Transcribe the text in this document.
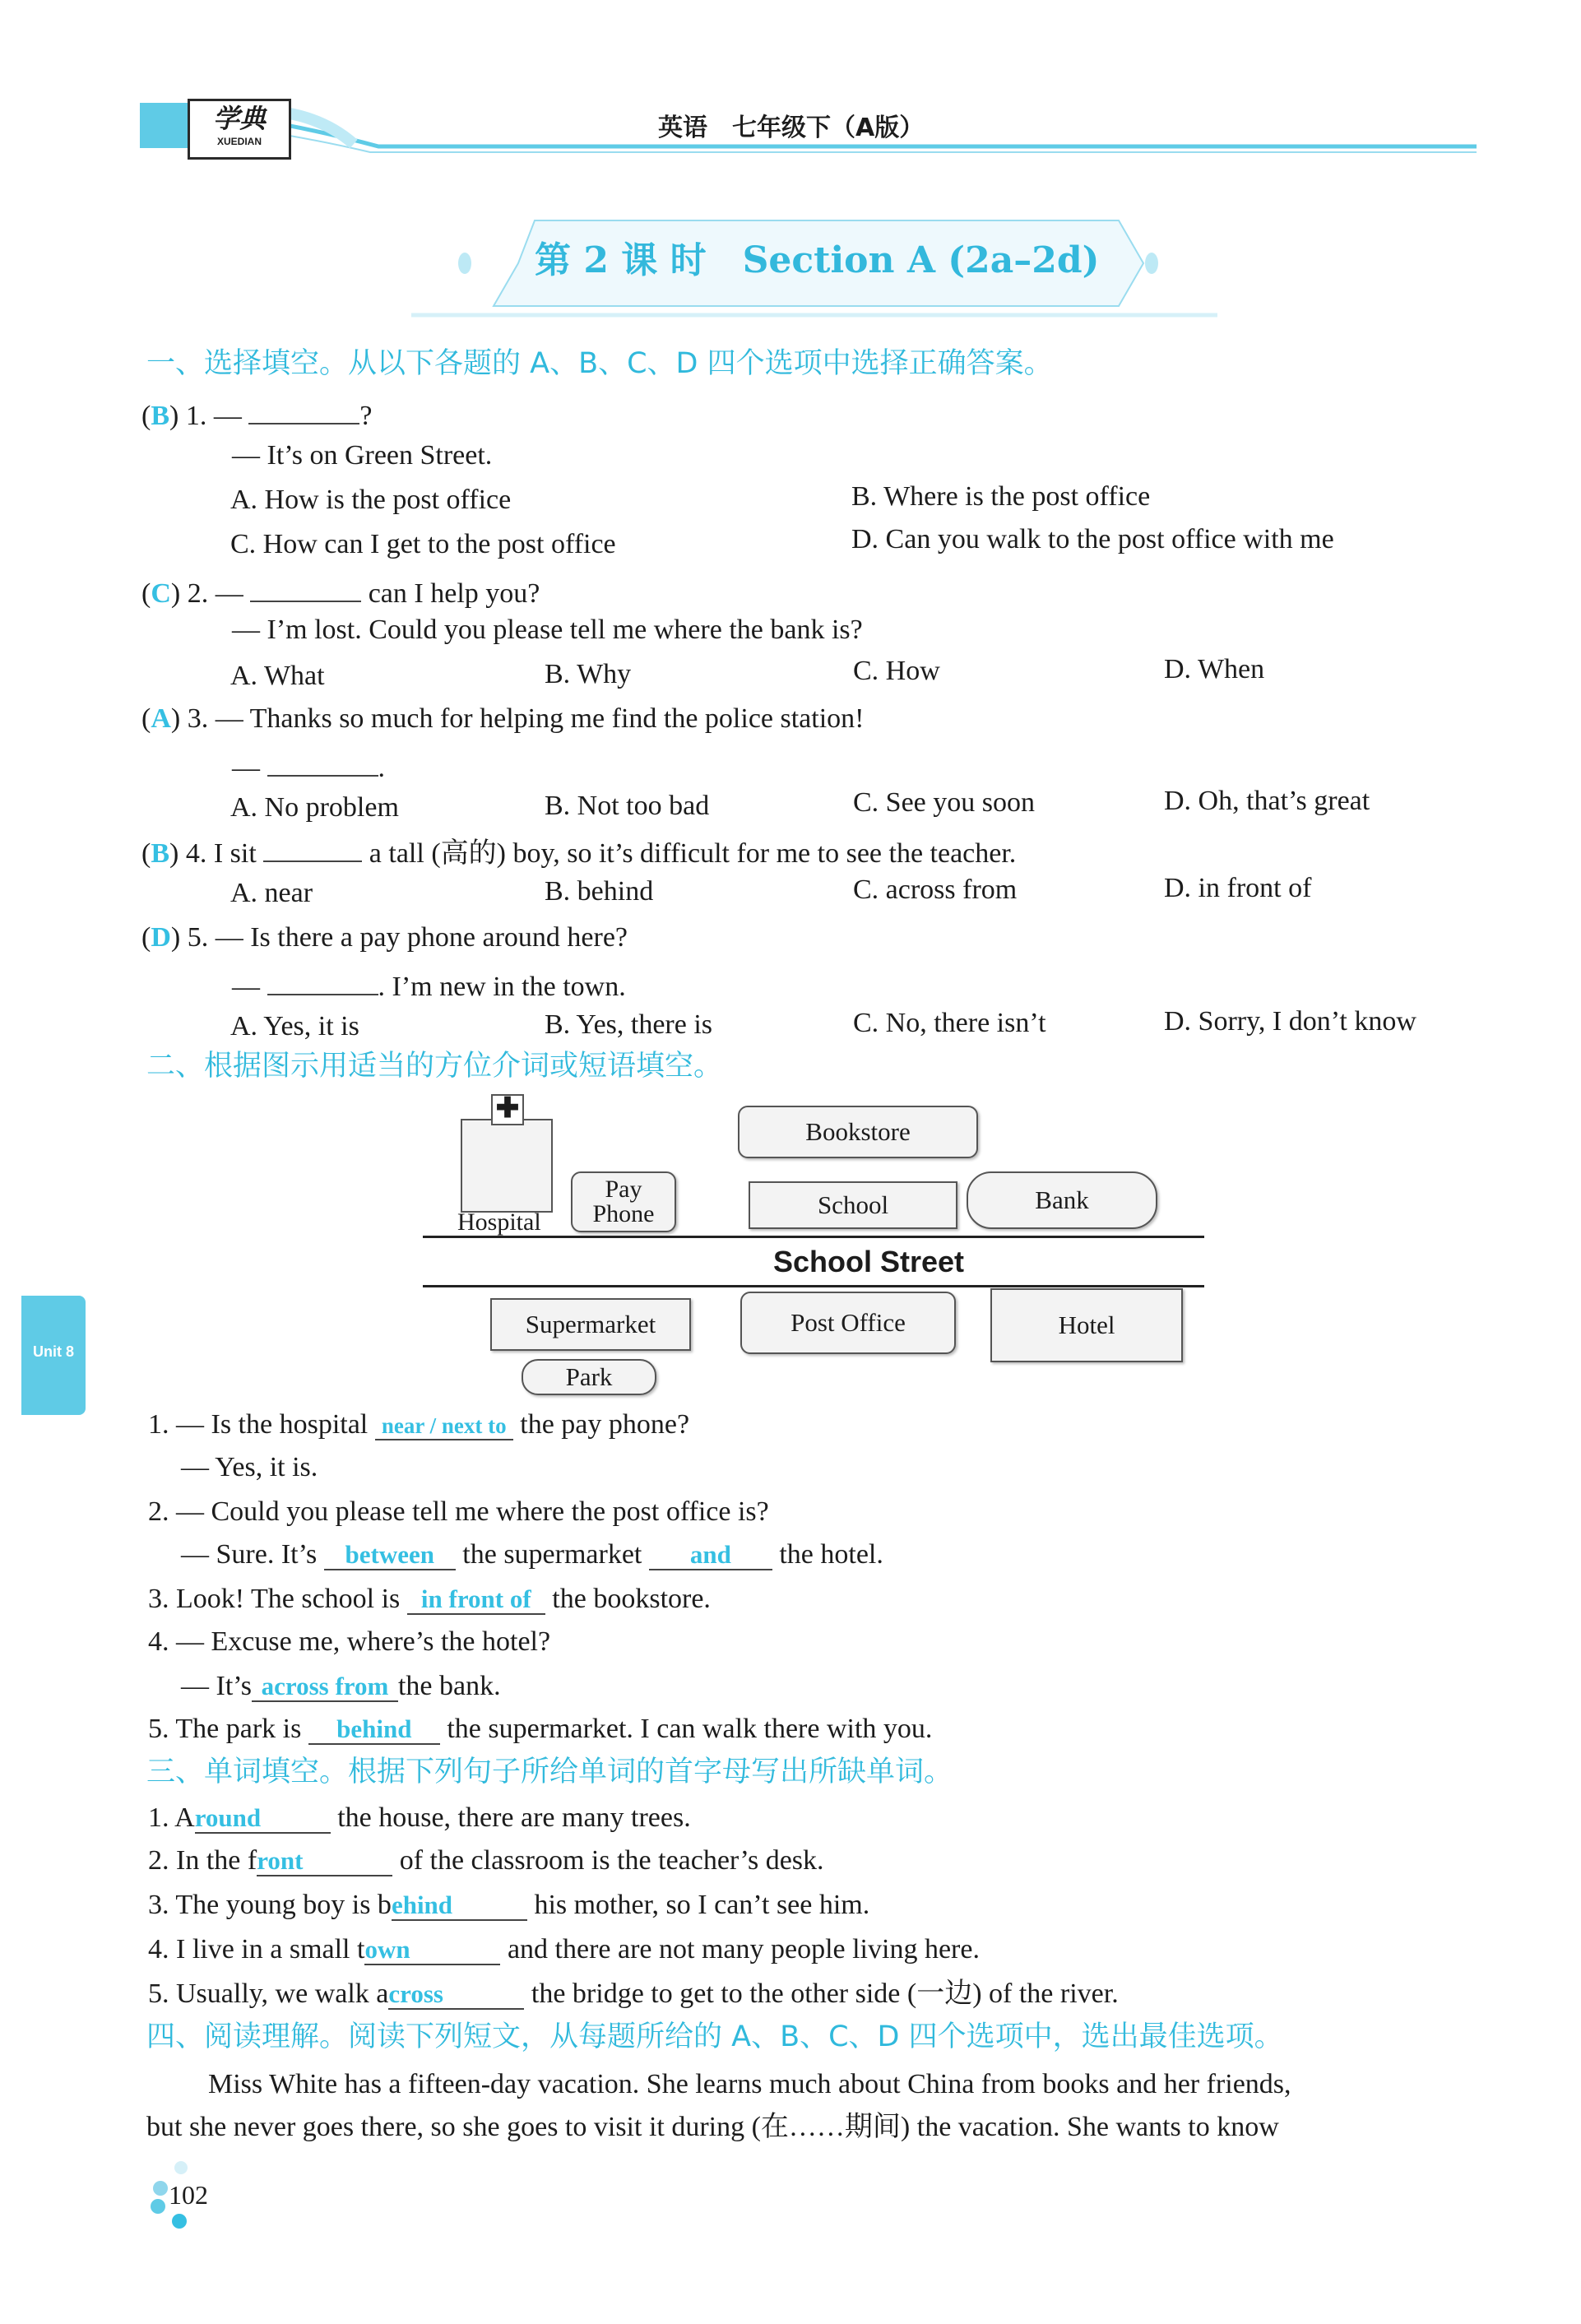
学典
XUEDIAN	英语　七年级下（A版）
第 2 课 时　Section A (2a–2d)
Unit 8
一、选择填空。从以下各题的 A、B、C、D 四个选项中选择正确答案。
(B) 1. —	?
— It’s on Green Street.
A. How is the post office	B. Where is the post office
C. How can I get to the post office	D. Can you walk to the post office with me
(C) 2. —	can I help you?
— I’m lost. Could you please tell me where the bank is?
A. What	B. Why	C. How	D. When
(A) 3. — Thanks so much for helping me find the police station!
—	.
A. No problem	B. Not too bad	C. See you soon	D. Oh, that’s great
(B) 4. I sit	a tall (高的) boy, so it’s difficult for me to see the teacher.
A. near	B. behind	C. across from	D. in front of
(D) 5. — Is there a pay phone around here?
—	. I’m new in the town.
A. Yes, it is	B. Yes, there is	C. No, there isn’t	D. Sorry, I don’t know
二、根据图示用适当的方位介词或短语填空。
✚
Hospital
Pay
Phone
Bookstore
School	Bank
School Street
Supermarket	Post Office	Hotel
Park
1. — Is the hospital near / next to the pay phone?
— Yes, it is.
2. — Could you please tell me where the post office is?
— Sure. It’s between the supermarket and the hotel.
3. Look! The school is in front of the bookstore.
4. — Excuse me, where’s the hotel?
— It’s across from the bank.
5. The park is behind the supermarket. I can walk there with you.
三、单词填空。根据下列句子所给单词的首字母写出所缺单词。
1. Around	the house, there are many trees.
2. In the front	of the classroom is the teacher’s desk.
3. The young boy is behind	his mother, so I can’t see him.
4. I live in a small town	and there are not many people living here.
5. Usually, we walk across	the bridge to get to the other side (一边) of the river.
四、阅读理解。阅读下列短文，从每题所给的 A、B、C、D 四个选项中，选出最佳选项。
Miss White has a fifteen-day vacation. She learns much about China from books and her friends,
but she never goes there, so she goes to visit it during (在……期间) the vacation. She wants to know
102
